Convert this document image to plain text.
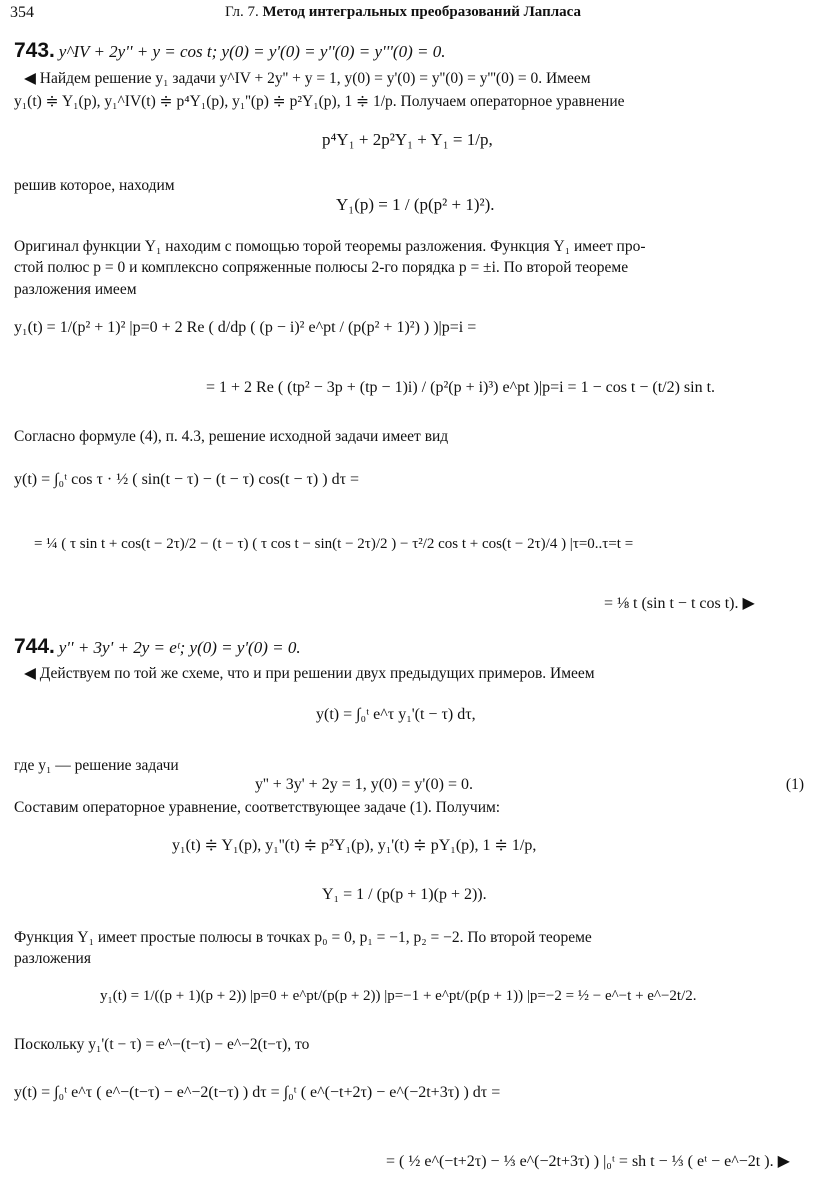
354	Гл. 7. Метод интегральных преобразований Лапласа
743. y^IV + 2y'' + y = cos t; y(0) = y'(0) = y''(0) = y'''(0) = 0.
◀ Найдем решение y₁ задачи y^IV + 2y'' + y = 1, y(0) = y'(0) = y''(0) = y'''(0) = 0. Имеем
y₁(t) ≑ Y₁(p), y₁^IV(t) ≑ p⁴Y₁(p), y₁''(p) ≑ p²Y₁(p), 1 ≑ 1/p. Получаем операторное уравнение
p⁴Y₁ + 2p²Y₁ + Y₁ = 1/p,
решив которое, находим
Y₁(p) = 1 / (p(p² + 1)²).
Оригинал функции Y₁ находим с помощью торой теоремы разложения. Функция Y₁ имеет про-
стой полюс p = 0 и комплексно сопряженные полюсы 2-го порядка p = ±i. По второй теореме
разложения имеем
y₁(t) = 1/(p² + 1)² |p=0 + 2 Re ( d/dp ( (p − i)² e^pt / (p(p² + 1)²) ) )|p=i =
= 1 + 2 Re ( (tp² − 3p + (tp − 1)i) / (p²(p + i)³) e^pt )|p=i = 1 − cos t − (t/2) sin t.
Согласно формуле (4), п. 4.3, решение исходной задачи имеет вид
y(t) = ∫₀ᵗ cos τ · ½ ( sin(t − τ) − (t − τ) cos(t − τ) ) dτ =
= ¼ ( τ sin t + cos(t − 2τ)/2 − (t − τ) ( τ cos t − sin(t − 2τ)/2 ) − τ²/2 cos t + cos(t − 2τ)/4 ) |τ=0..τ=t =
= ⅛ t (sin t − t cos t). ▶
744. y'' + 3y' + 2y = eᵗ; y(0) = y'(0) = 0.
◀ Действуем по той же схеме, что и при решении двух предыдущих примеров. Имеем
y(t) = ∫₀ᵗ e^τ y₁'(t − τ) dτ,
где y₁ — решение задачи
y'' + 3y' + 2y = 1, y(0) = y'(0) = 0.	(1)
Составим операторное уравнение, соответствующее задаче (1). Получим:
y₁(t) ≑ Y₁(p), y₁''(t) ≑ p²Y₁(p), y₁'(t) ≑ pY₁(p), 1 ≑ 1/p,
Y₁ = 1 / (p(p + 1)(p + 2)).
Функция Y₁ имеет простые полюсы в точках p₀ = 0, p₁ = −1, p₂ = −2. По второй теореме
разложения
y₁(t) = 1/((p + 1)(p + 2)) |p=0 + e^pt/(p(p + 2)) |p=−1 + e^pt/(p(p + 1)) |p=−2 = ½ − e^−t + e^−2t/2.
Поскольку y₁'(t − τ) = e^−(t−τ) − e^−2(t−τ), то
y(t) = ∫₀ᵗ e^τ ( e^−(t−τ) − e^−2(t−τ) ) dτ = ∫₀ᵗ ( e^(−t+2τ) − e^(−2t+3τ) ) dτ =
= ( ½ e^(−t+2τ) − ⅓ e^(−2t+3τ) ) |₀ᵗ = sh t − ⅓ ( eᵗ − e^−2t ). ▶
